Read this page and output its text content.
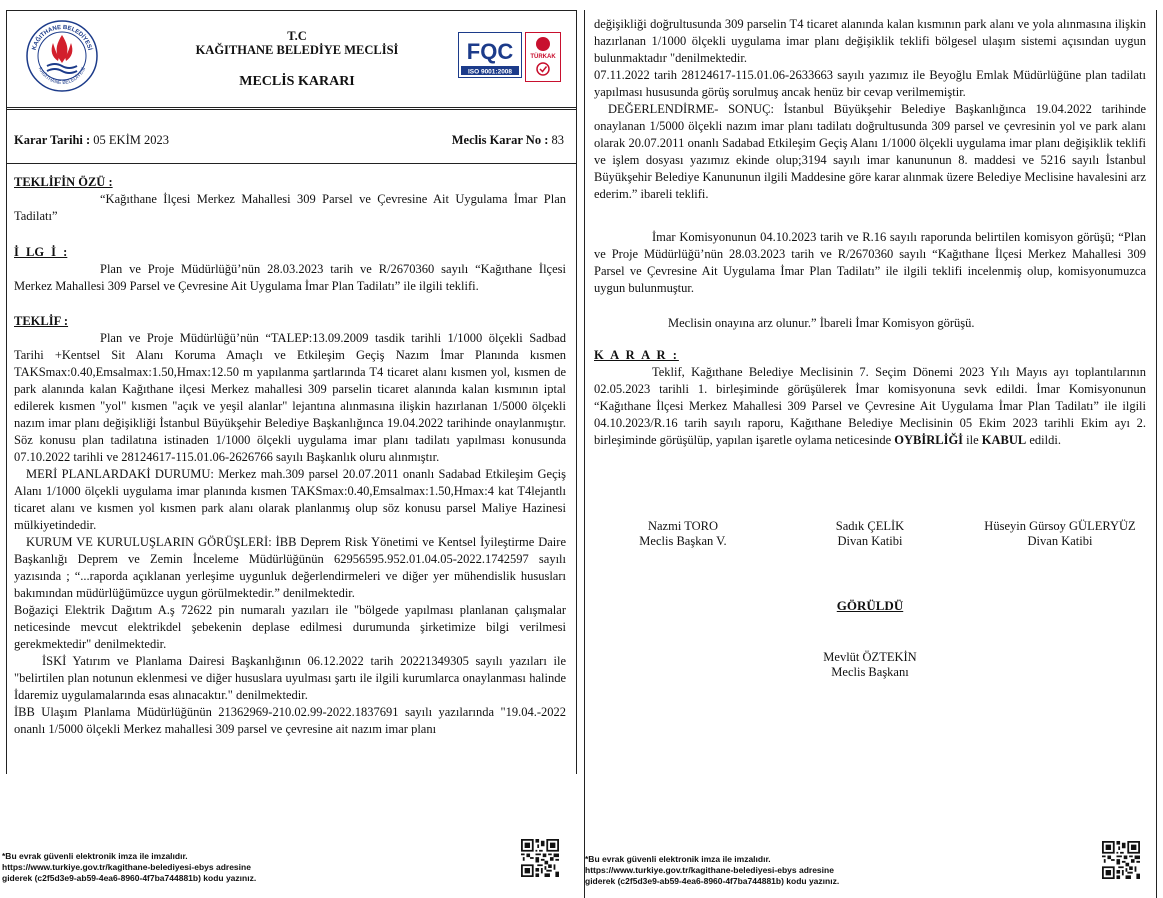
KAĞITHANE BELEDİYESİ
KAĞITHANE BELEDİYESİ
T.C
KAĞITHANE BELEDİYE MECLİSİ
MECLİS KARARI
FQC
ISO 9001:2008
TÜRKAK
Karar Tarihi : 05 EKİM 2023	Meclis Karar No : 83
TEKLİFİN ÖZÜ :

“Kağıthane İlçesi Merkez Mahallesi 309 Parsel ve Çevresine Ait Uygulama İmar Plan Tadilatı”
İ LG İ :

Plan ve Proje Müdürlüğü’nün 28.03.2023 tarih ve R/2670360 sayılı “Kağıthane İlçesi Merkez Mahallesi 309 Parsel ve Çevresine Ait Uygulama İmar Plan Tadilatı” ile ilgili teklifi.
TEKLİF :

Plan ve Proje Müdürlüğü’nün “TALEP:13.09.2009 tasdik tarihli 1/1000 ölçekli Sadbad Tarihi +Kentsel Sit Alanı Koruma Amaçlı ve Etkileşim Geçiş Nazım İmar Planında kısmen TAKSmax:0.40,Emsalmax:1.50,Hmax:12.50 m yapılanma şartlarında T4 ticaret alanı kısmen yol, kısmen de park alanında kalan Kağıthane ilçesi Merkez mahallesi 309 parselin ticaret alanında kalan kısmının iptal edilerek kısmen "yol" kısmen "açık ve yeşil alanlar" lejantına alınmasına ilişkin hazırlanan 1/5000 ölçekli nazım imar planı değişikliği İstanbul Büyükşehir Belediye Başkanlığınca 19.04.2022 tarihinde onaylanmıştır. Söz konusu plan tadilatına istinaden 1/1000 ölçekli uygulama imar planı tadilatı yapılması konusunda 07.10.2022 tarihli ve 28124617-115.01.06-2626766 sayılı Başkanlık oluru alınmıştır.
MERİ PLANLARDAKİ DURUMU: Merkez mah.309 parsel 20.07.2011 onanlı Sadabad Etkileşim Geçiş Alanı 1/1000 ölçekli uygulama imar planında kısmen TAKSmax:0.40,Emsalmax:1.50,Hmax:4 kat T4lejantlı ticaret alanı ve kısmen yol kısmen park alanı olarak planlanmış olup söz konusu parsel Maliye Hazinesi mülkiyetindedir.
KURUM VE KURULUŞLARIN GÖRÜŞLERİ: İBB Deprem Risk Yönetimi ve Kentsel İyileştirme Daire Başkanlığı Deprem ve Zemin İnceleme Müdürlüğünün 62956595.952.01.04.05-2022.1742597 sayılı yazısında ; “...raporda açıklanan yerleşime uygunluk değerlendirmeleri ve diğer yer mühendislik hususları bakımından müdürlüğümüzce uygun görülmektedir.” denilmektedir.
Boğaziçi Elektrik Dağıtım A.ş 72622 pin numaralı yazıları ile "bölgede yapılması planlanan çalışmalar neticesinde mevcut elektrikdel şebekenin deplase edilmesi durumunda şirketimize bilgi verilmesi gerekmektedir" denilmektedir.
İSKİ Yatırım ve Planlama Dairesi Başkanlığının 06.12.2022 tarih 20221349305 sayılı yazıları ile "belirtilen plan notunun eklenmesi ve diğer hususlara uyulması şartı ile ilgili kurumlarca onaylanması halinde İdaremiz uygulamalarında esas alınacaktır." denilmektedir.
İBB Ulaşım Planlama Müdürlüğünün 21362969-210.02.99-2022.1837691 sayılı yazılarında "19.04.-2022 onanlı 1/5000 ölçekli Merkez mahallesi 309 parsel ve çevresine ait nazım imar planı
*Bu evrak güvenli elektronik imza ile imzalıdır.
https://www.turkiye.gov.tr/kagithane-belediyesi-ebys adresine
giderek (c2f5d3e9-ab59-4ea6-8960-4f7ba744881b) kodu yazınız.
değişikliği doğrultusunda 309 parselin T4 ticaret alanında kalan kısmının park alanı ve yola alınmasına ilişkin hazırlanan 1/1000 ölçekli uygulama imar planı değişiklik teklifi bölgesel ulaşım sistemi açısından uygun bulunmaktadır "denilmektedir.
07.11.2022 tarih 28124617-115.01.06-2633663 sayılı yazımız ile Beyoğlu Emlak Müdürlüğüne plan tadilatı yapılması hususunda görüş sorulmuş ancak henüz bir cevap verilmemiştir.
DEĞERLENDİRME- SONUÇ: İstanbul Büyükşehir Belediye Başkanlığınca 19.04.2022 tarihinde onaylanan 1/5000 ölçekli nazım imar planı tadilatı doğrultusunda 309 parsel ve çevresinin yol ve park alanı olarak 20.07.2011 onanlı Sadabad Etkileşim Geçiş Alanı 1/1000 ölçekli uygulama imar planı değişiklik teklifi ve işlem dosyası yazımız ekinde olup;3194 sayılı imar kanununun 8. maddesi ve 5216 sayılı İstanbul Büyükşehir Belediye Kanununun ilgili Maddesine göre karar alınmak üzere Belediye Meclisine havalesini arz ederim.” ibareli teklifi.
İmar Komisyonunun 04.10.2023 tarih ve R.16 sayılı raporunda belirtilen komisyon görüşü; “Plan ve Proje Müdürlüğü’nün 28.03.2023 tarih ve R/2670360 sayılı “Kağıthane İlçesi Merkez Mahallesi 309 Parsel ve Çevresine Ait Uygulama İmar Plan Tadilatı” ile ilgili teklifi incelenmiş olup, komisyonumuzca uygun bulunmuştur.
Meclisin onayına arz olunur.” İbareli İmar Komisyon görüşü.
K A R A R :

Teklif, Kağıthane Belediye Meclisinin 7. Seçim Dönemi 2023 Yılı Mayıs ayı toplantılarının 02.05.2023 tarihli 1. birleşiminde görüşülerek İmar komisyonuna sevk edildi. İmar Komisyonunun “Kağıthane İlçesi Merkez Mahallesi 309 Parsel ve Çevresine Ait Uygulama İmar Plan Tadilatı” ile ilgili 04.10.2023/R.16 tarih sayılı raporu, Kağıthane Belediye Meclisinin 05 Ekim 2023 tarihli Ekim ayı 2. birleşiminde görüşülüp, yapılan işaretle oylama neticesinde OYBİRLİĞİ ile KABUL edildi.
Nazmi TORO
Meclis Başkan V.
Sadık ÇELİK
Divan Katibi
Hüseyin Gürsoy GÜLERYÜZ
Divan Katibi
GÖRÜLDÜ
Mevlüt ÖZTEKİN
Meclis Başkanı
*Bu evrak güvenli elektronik imza ile imzalıdır.
https://www.turkiye.gov.tr/kagithane-belediyesi-ebys adresine
giderek (c2f5d3e9-ab59-4ea6-8960-4f7ba744881b) kodu yazınız.
